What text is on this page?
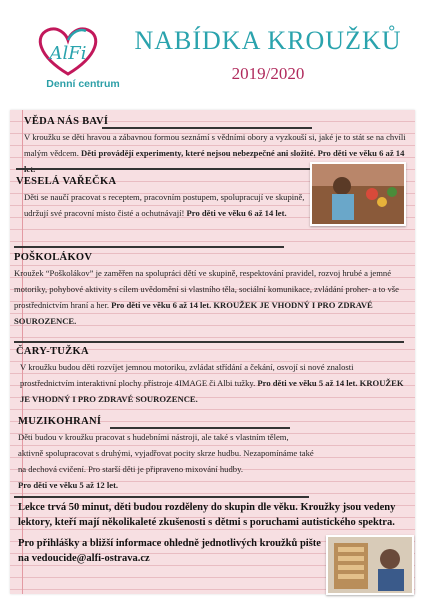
AlFi
Denní centrum
NABÍDKA KROUŽKŮ
2019/2020
VĚDA NÁS BAVÍ
V kroužku se děti hravou a zábavnou formou seznámí s vědními obory a vyzkouší si, jaké je to stát se na chvíli malým vědcem. Děti provádějí experimenty, které nejsou nebezpečné ani složité. Pro děti ve věku 6 až 14
VESELÁ VAŘEČKA
Děti se naučí pracovat s receptem, pracovním postupem, spolupracují ve skupině, udržují své pracovní místo čisté a ochutnávají! Pro děti ve věku 6 až 14 let.
POŠKOLÁKOV
Kroužek “Poškolákov” je zaměřen na spolupráci dětí ve skupině, respektování pravidel, rozvoj hrubé a jemné motoriky, pohybové aktivity s cílem uvědomění si vlastního těla, sociální komunikace, zvládání proher- a to vše prostřednictvím hraní a her. Pro děti ve věku 6 až 14 let. KROUŽEK JE VHODNÝ I PRO ZDRAVÉ SOUROZENCE.
ČARY-TUŽKA
V kroužku budou děti rozvíjet jemnou motoriku, zvládat střídání a čekání, osvojí si nové znalosti prostřednictvím interaktivní plochy přístroje 4IMAGE či Albi tužky. Pro děti ve věku 5 až 14 let. KROUŽEK JE VHODNÝ I PRO ZDRAVÉ SOUROZENCE.
MUZIKOHRANÍ
Děti budou v kroužku pracovat s hudebními nástroji, ale také s vlastním tělem, aktivně spolupracovat s druhými, vyjadřovat pocity skrze hudbu. Nezapomínáme také na dechová cvičení. Pro starší děti je připraveno mixování hudby.
Pro děti ve věku 5 až 12 let.
Lekce trvá 50 minut, děti budou rozděleny do skupin dle věku. Kroužky jsou vedeny lektory, kteří mají několikaleté zkušenosti s dětmi s poruchami autistického spektra.
Pro přihlášky a bližší informace ohledně jednotlivých kroužků pište na vedoucide@alfi-ostrava.cz
